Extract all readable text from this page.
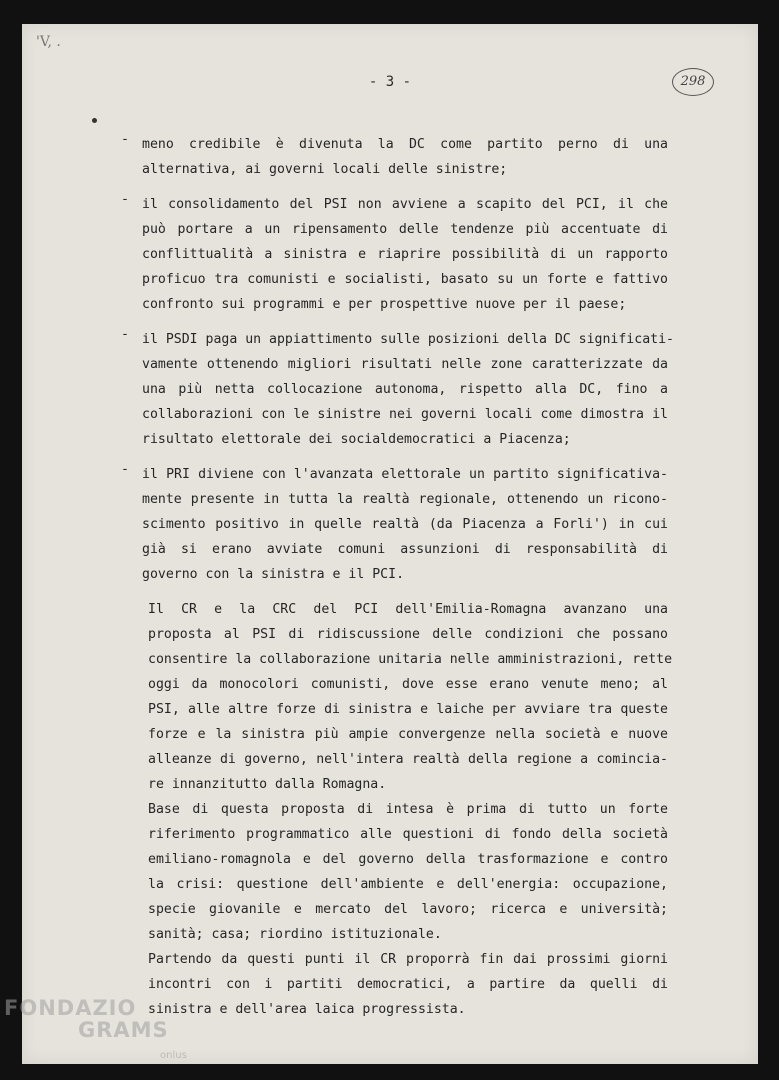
'V, .
- 3 -	298
- meno credibile è divenuta la DC come partito perno di una
alternativa, ai governi locali delle sinistre;
- il consolidamento del PSI non avviene a scapito del PCI, il che
può portare a un ripensamento delle tendenze più accentuate di
conflittualità a sinistra e riaprire possibilità di un rapporto
proficuo tra comunisti e socialisti, basato su un forte e fattivo
confronto sui programmi e per prospettive nuove per il paese;
- il PSDI paga un appiattimento sulle posizioni della DC significati-
vamente ottenendo migliori risultati nelle zone caratterizzate da
una più netta collocazione autonoma, rispetto alla DC, fino a
collaborazioni con le sinistre nei governi locali come dimostra il
risultato elettorale dei socialdemocratici a Piacenza;
- il PRI diviene con l'avanzata elettorale un partito significativa-
mente presente in tutta la realtà regionale, ottenendo un ricono-
scimento positivo in quelle realtà (da Piacenza a Forli') in cui
già si erano avviate comuni assunzioni di responsabilità di
governo con la sinistra e il PCI.
Il CR e la CRC del PCI dell'Emilia-Romagna avanzano una
proposta al PSI di ridiscussione delle condizioni che possano
consentire la collaborazione unitaria nelle amministrazioni, rette
oggi da monocolori comunisti, dove esse erano venute meno; al
PSI, alle altre forze di sinistra e laiche per avviare tra queste
forze e la sinistra più ampie convergenze nella società e nuove
alleanze di governo, nell'intera realtà della regione a comincia-
re innanzitutto dalla Romagna.
Base di questa proposta di intesa è prima di tutto un forte
riferimento programmatico alle questioni di fondo della società
emiliano-romagnola e del governo della trasformazione e contro
la crisi: questione dell'ambiente e dell'energia: occupazione,
specie giovanile e mercato del lavoro; ricerca e università;
sanità; casa; riordino istituzionale.
Partendo da questi punti il CR proporrà fin dai prossimi giorni
incontri con i partiti democratici, a partire da quelli di
sinistra e dell'area laica progressista.
FONDAZIO
GRAMS
onlus
